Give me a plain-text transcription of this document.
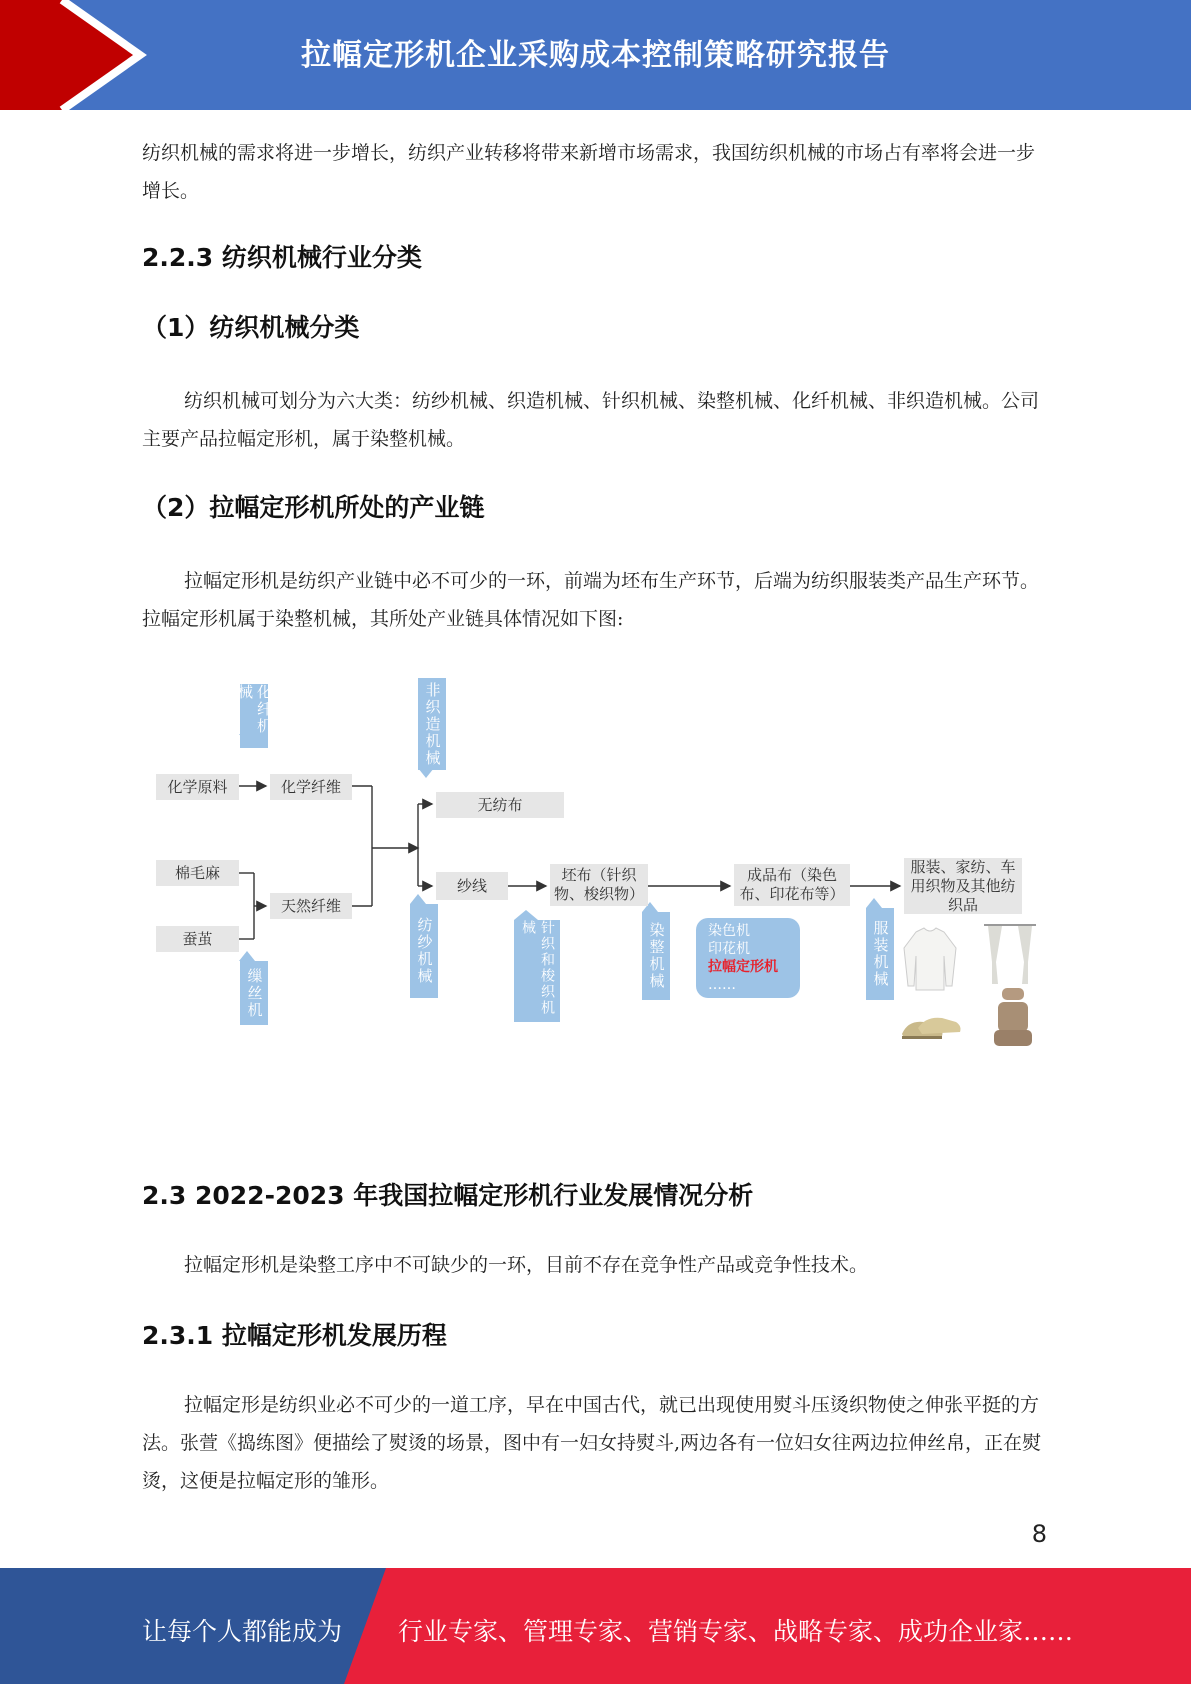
拉幅定形机企业采购成本控制策略研究报告
纺织机械的需求将进一步增长，纺织产业转移将带来新增市场需求，我国纺织机械的市场占有率将会进一步增长。
2.2.3 纺织机械行业分类
（1）纺织机械分类
纺织机械可划分为六大类：纺纱机械、织造机械、针织机械、染整机械、化纤机械、非织造机械。公司主要产品拉幅定形机，属于染整机械。
（2）拉幅定形机所处的产业链
拉幅定形机是纺织产业链中必不可少的一环，前端为坯布生产环节，后端为纺织服装类产品生产环节。拉幅定形机属于染整机械，其所处产业链具体情况如下图:
化纤机械	非织造机械
化学原料	化学纤维
棉毛麻
蚕茧
天然纤维
无纺布
纱线
坯布（针织物、梭织物）
成品布（染色布、印花布等）
服装、家纺、车用织物及其他纺织品
缫丝机
纺纱机械	针织和梭织机械	染整机械	服装机械
染色机
印花机
拉幅定形机
……
2.3 2022-2023 年我国拉幅定形机行业发展情况分析
拉幅定形机是染整工序中不可缺少的一环，目前不存在竞争性产品或竞争性技术。
2.3.1 拉幅定形机发展历程
拉幅定形是纺织业必不可少的一道工序，早在中国古代，就已出现使用熨斗压烫织物使之伸张平挺的方法。张萱《捣练图》便描绘了熨烫的场景，图中有一妇女持熨斗,两边各有一位妇女往两边拉伸丝帛，正在熨烫，这便是拉幅定形的雏形。
8
让每个人都能成为 行业专家、管理专家、营销专家、战略专家、成功企业家……
